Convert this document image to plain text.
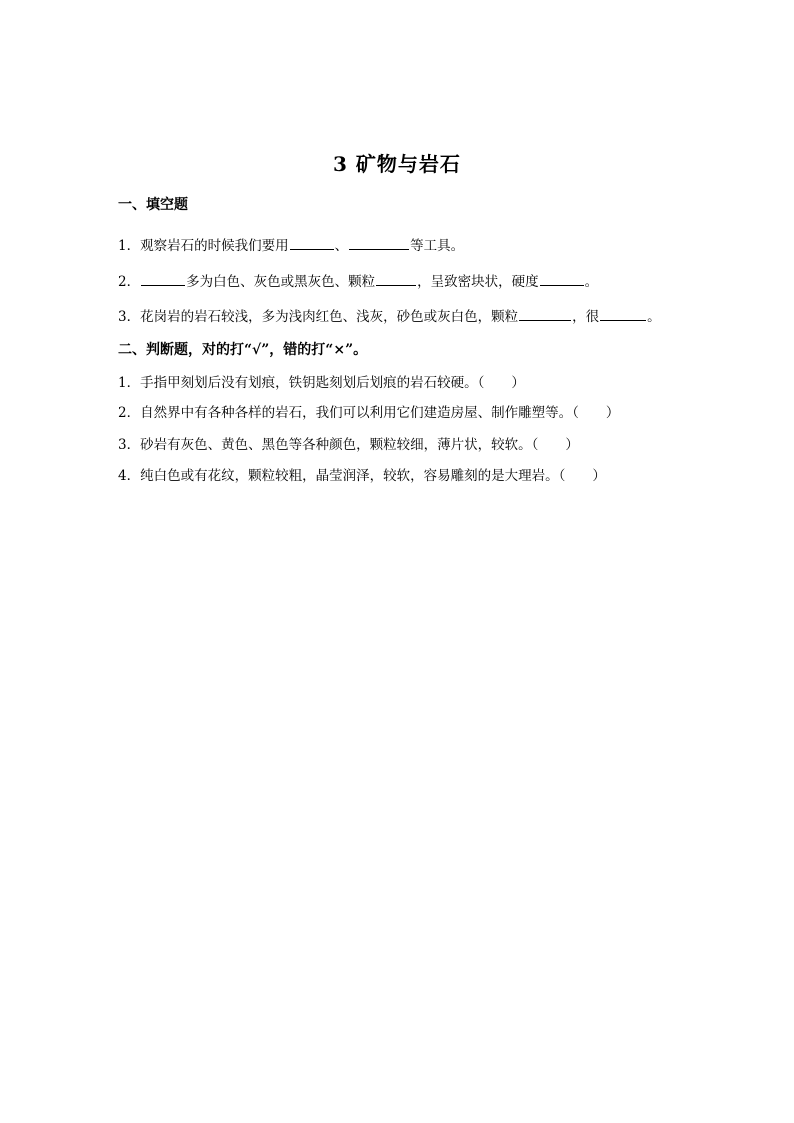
3 矿物与岩石
一、填空题
1．观察岩石的时候我们要用	、	等工具。
2．	多为白色、灰色或黑灰色、颗粒	，呈致密块状，硬度	。
3．花岗岩的岩石较浅，多为浅肉红色、浅灰，砂色或灰白色，颗粒	，很	。
二、判断题，对的打“√”，错的打“×”。
1．手指甲刻划后没有划痕，铁钥匙刻划后划痕的岩石较硬。（　　）
2．自然界中有各种各样的岩石，我们可以利用它们建造房屋、制作雕塑等。（　　）
3．砂岩有灰色、黄色、黑色等各种颜色，颗粒较细，薄片状，较软。（　　）
4．纯白色或有花纹，颗粒较粗，晶莹润泽，较软，容易雕刻的是大理岩。（　　）
